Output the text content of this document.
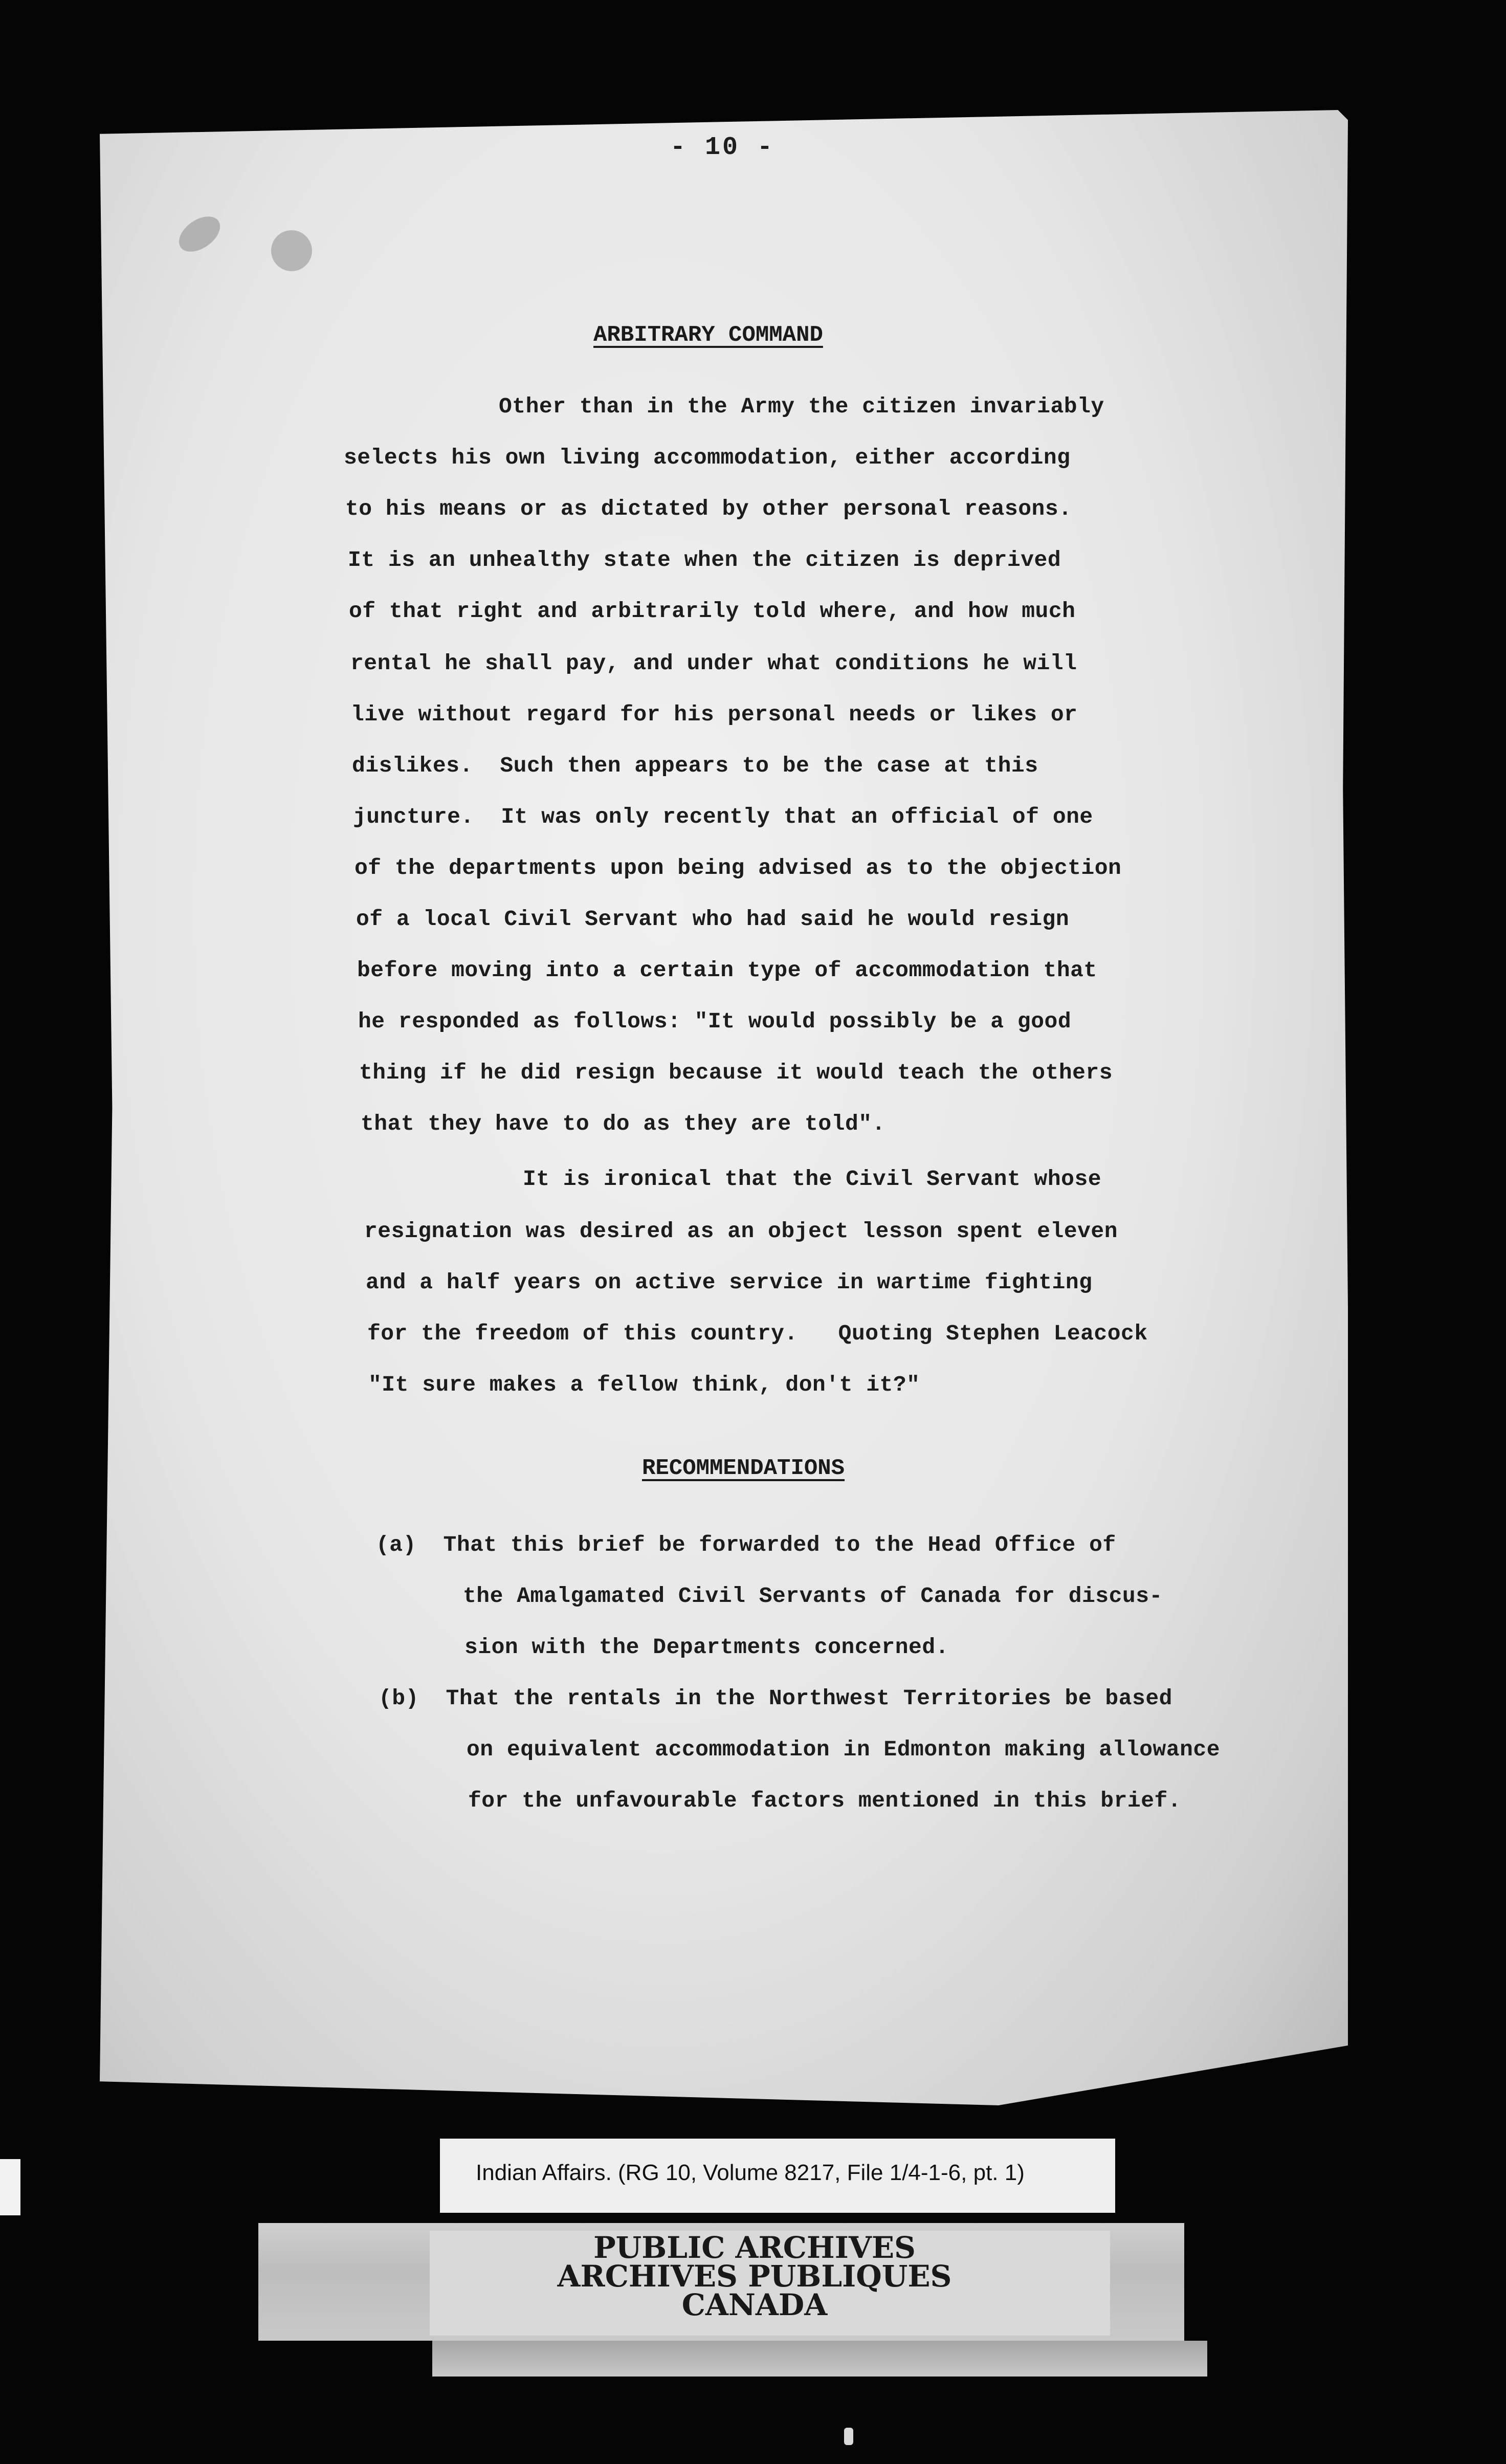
- 10 -
ARBITRARY COMMAND
Other than in the Army the citizen invariably
selects his own living accommodation, either according
to his means or as dictated by other personal reasons.
It is an unhealthy state when the citizen is deprived
of that right and arbitrarily told where, and how much
rental he shall pay, and under what conditions he will
live without regard for his personal needs or likes or
dislikes.  Such then appears to be the case at this
juncture.  It was only recently that an official of one
of the departments upon being advised as to the objection
of a local Civil Servant who had said he would resign
before moving into a certain type of accommodation that
he responded as follows: "It would possibly be a good
thing if he did resign because it would teach the others
that they have to do as they are told".
It is ironical that the Civil Servant whose
resignation was desired as an object lesson spent eleven
and a half years on active service in wartime fighting
for the freedom of this country.   Quoting Stephen Leacock
"It sure makes a fellow think, don't it?"
RECOMMENDATIONS
(a)  That this brief be forwarded to the Head Office of
the Amalgamated Civil Servants of Canada for discus-
sion with the Departments concerned.
(b)  That the rentals in the Northwest Territories be based
on equivalent accommodation in Edmonton making allowance
for the unfavourable factors mentioned in this brief.
Indian Affairs. (RG 10, Volume 8217, File 1/4-1-6, pt. 1)
PUBLIC ARCHIVES
ARCHIVES PUBLIQUES
CANADA
